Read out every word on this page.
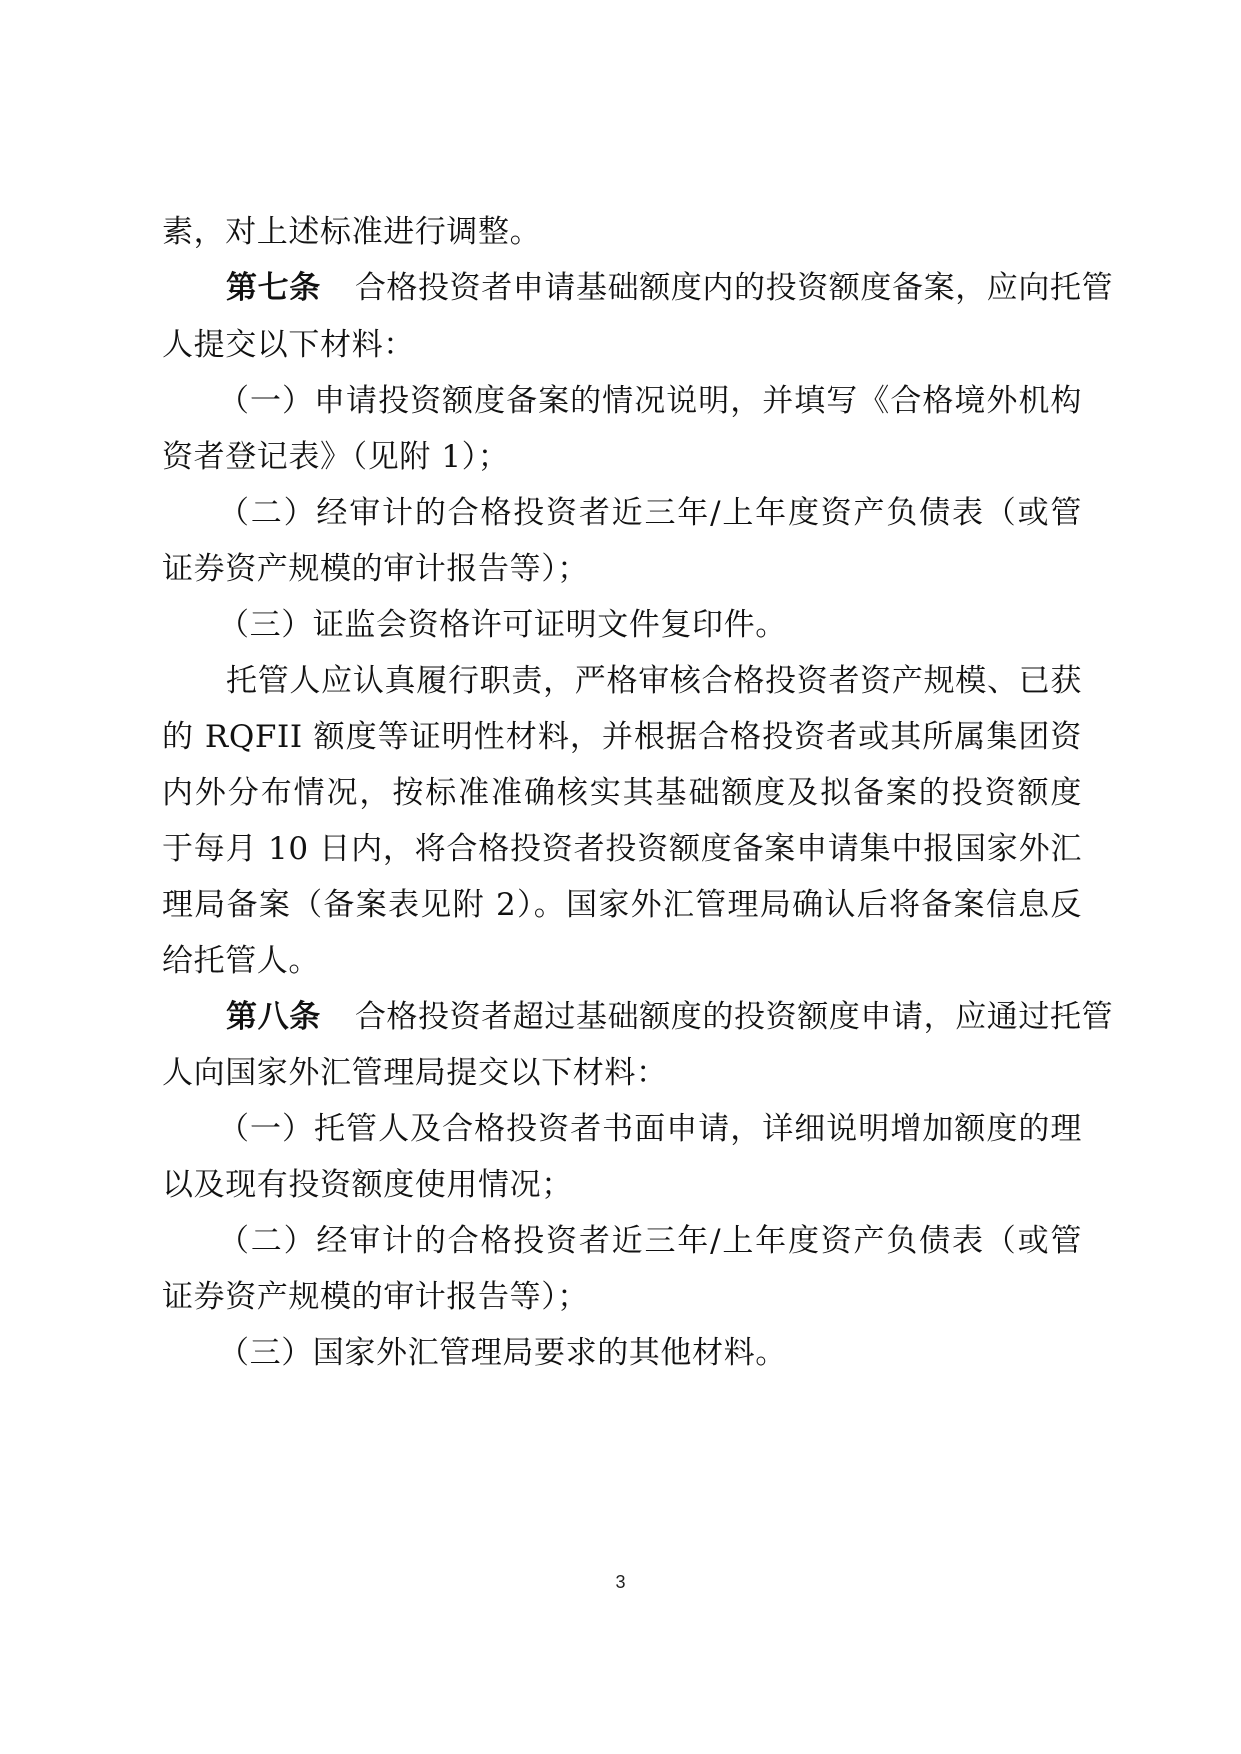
素，对上述标准进行调整。
第七条 合格投资者申请基础额度内的投资额度备案，应向托管
人提交以下材料：
（一）申请投资额度备案的情况说明，并填写《合格境外机构
资者登记表》（见附 1）；
（二）经审计的合格投资者近三年/上年度资产负债表（或管
证券资产规模的审计报告等）；
（三）证监会资格许可证明文件复印件。
托管人应认真履行职责，严格审核合格投资者资产规模、已获
的 RQFII 额度等证明性材料，并根据合格投资者或其所属集团资
内外分布情况，按标准准确核实其基础额度及拟备案的投资额度
于每月 10 日内，将合格投资者投资额度备案申请集中报国家外汇
理局备案（备案表见附 2）。国家外汇管理局确认后将备案信息反
给托管人。
第八条 合格投资者超过基础额度的投资额度申请，应通过托管
人向国家外汇管理局提交以下材料：
（一）托管人及合格投资者书面申请，详细说明增加额度的理
以及现有投资额度使用情况；
（二）经审计的合格投资者近三年/上年度资产负债表（或管
证券资产规模的审计报告等）；
（三）国家外汇管理局要求的其他材料。
3
